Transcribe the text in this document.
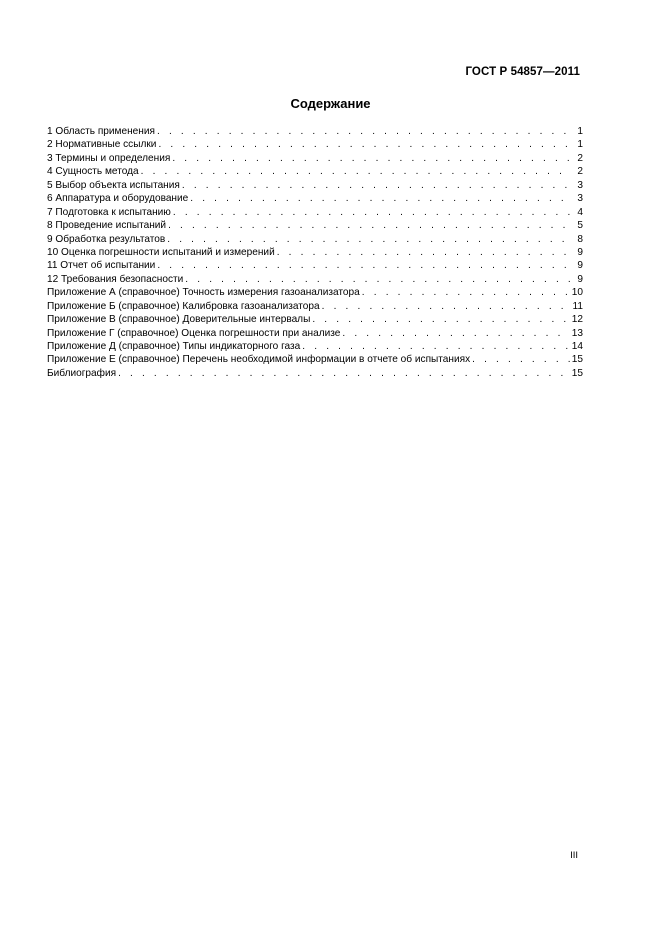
ГОСТ Р 54857—2011
Содержание
1 Область применения . . .	1
2 Нормативные ссылки . . .	1
3 Термины и определения . . .	2
4 Сущность метода . . .	2
5 Выбор объекта испытания . . .	3
6 Аппаратура и оборудование . . .	3
7 Подготовка к испытанию . . .	4
8 Проведение испытаний . . .	5
9 Обработка результатов . . .	8
10 Оценка погрешности испытаний и измерений . . .	9
11 Отчет об испытании . . .	9
12 Требования безопасности . . .	9
Приложение А (справочное) Точность измерения газоанализатора . . .	10
Приложение Б (справочное) Калибровка газоанализатора . . .	11
Приложение В (справочное) Доверительные интервалы . . .	12
Приложение Г (справочное) Оценка погрешности при анализе . . .	13
Приложение Д (справочное) Типы индикаторного газа . . .	14
Приложение Е (справочное) Перечень необходимой информации в отчете об испытаниях . . .	15
Библиография . . .	15
III
